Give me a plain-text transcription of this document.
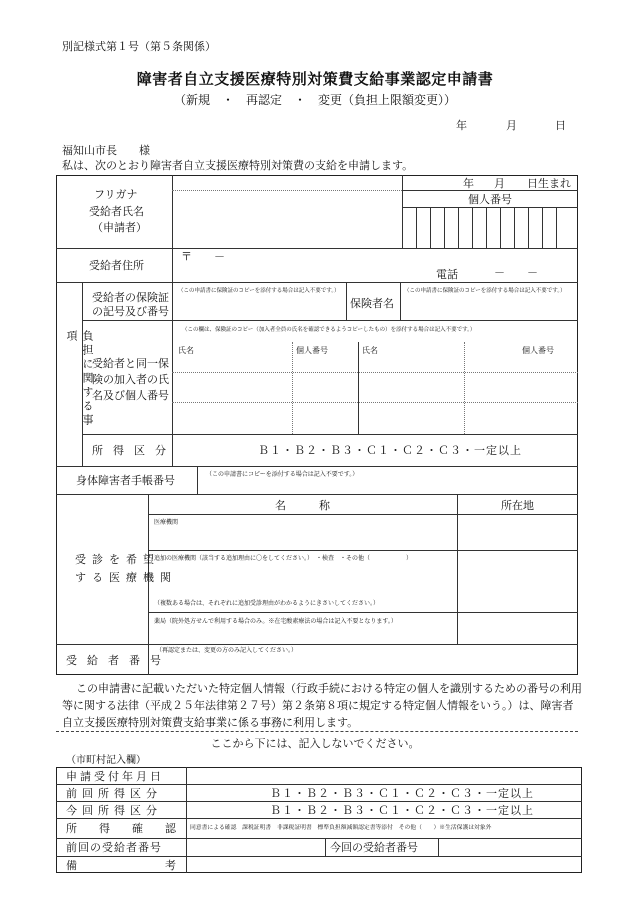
別記様式第１号（第５条関係）
障害者自立支援医療特別対策費支給事業認定申請書
（新規　・　再認定　・　変更（負担上限額変更））
年	月	日
福知山市長　　様
私は、次のとおり障害者自立支援医療特別対策費の支給を申請します。
フリガナ
受給者氏名
（申請者）
年 月 日生まれ
個人番号
受給者住所
〒　　－
電話	－　　－
負担に関する事項
受給者の保険証
の記号及び番号
（この申請書に保険証のコピーを添付する場合は記入不要です。）
保険者名
（この申請書に保険証のコピーを添付する場合は記入不要です。）
受給者と同一保
険の加入者の氏
名及び個人番号
（この欄は、保険証のコピー（加入者全員の氏名を確認できるようコピーしたもの）を添付する場合は記入不要です。）
氏名	個人番号	氏名	個人番号
所得区分	Ｂ１・Ｂ２・Ｂ３・Ｃ１・Ｃ２・Ｃ３・一定以上
身体障害者手帳番号	（この申請書にコピーを添付する場合は記入不要です。）
受診を希望
する医療機関
名　　　称	所在地
医療機関
追加の医療機関（該当する追加理由に〇をしてください。）　・検査　・その他（　　　　　　）
（複数ある場合は、それぞれに追加受診理由がわかるようにきさいしてください。）
薬局（院外処方せんで利用する場合のみ。※在宅酸素療法の場合は記入不要となります。）
受給者番号
（再認定または、変更の方のみ記入してください。）
この申請書に記載いただいた特定個人情報（行政手続における特定の個人を識別するための番号の利用等に関する法律（平成２５年法律第２７号）第２条第８項に規定する特定個人情報をいう。）は、障害者自立支援医療特別対策費支給事業に係る事務に利用します。
ここから下には、記入しないでください。
（市町村記入欄）
申請受付年月日
前回所得区分	Ｂ１・Ｂ２・Ｂ３・Ｃ１・Ｃ２・Ｃ３・一定以上
今回所得区分	Ｂ１・Ｂ２・Ｂ３・Ｃ１・Ｃ２・Ｃ３・一定以上
所得確認
同意書による確認　課税証明書　非課税証明書　標準負担額減額認定書等添付　その他（　　）※生活保護は対象外
前回の受給者番号	今回の受給者番号
備考
